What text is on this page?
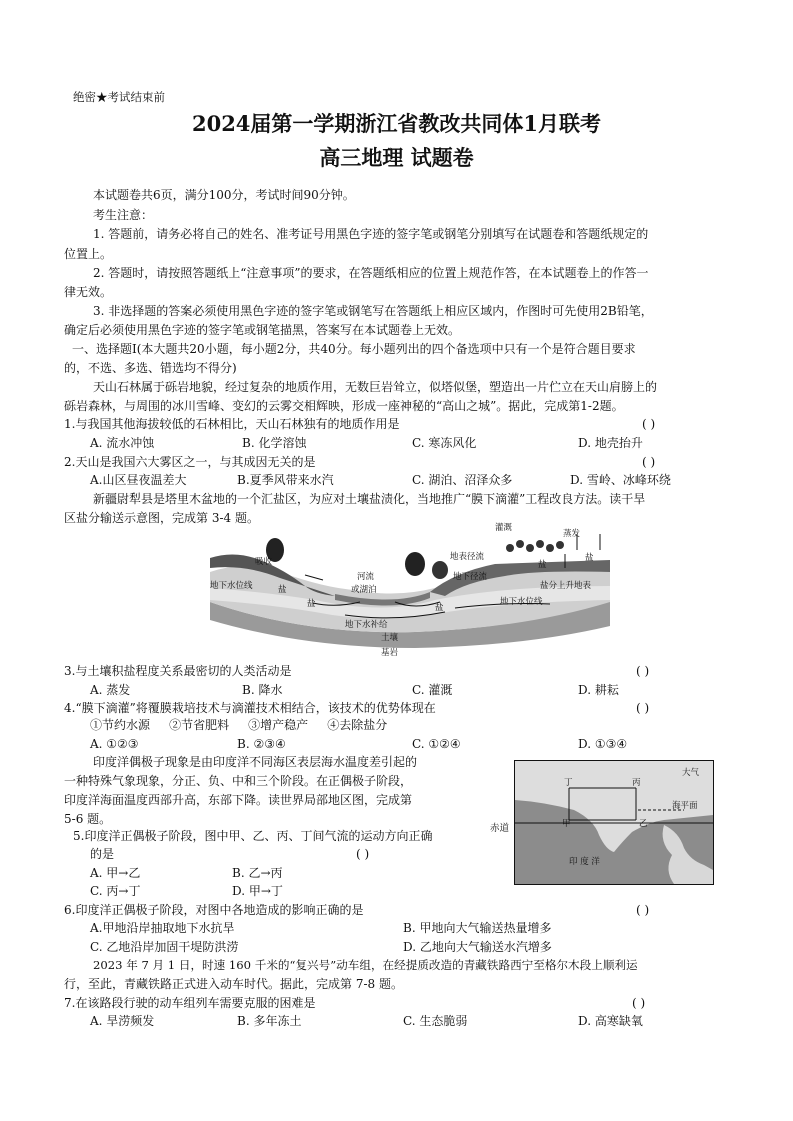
绝密★考试结束前
2024届第一学期浙江省教改共同体1月联考
高三地理 试题卷
本试题卷共6页，满分100分，考试时间90分钟。
考生注意：
1. 答题前，请务必将自己的姓名、准考证号用黑色字迹的签字笔或钢笔分别填写在试题卷和答题纸规定的
位置上。
2. 答题时，请按照答题纸上“注意事项”的要求，在答题纸相应的位置上规范作答，在本试题卷上的作答一
律无效。
3. 非选择题的答案必须使用黑色字迹的签字笔或钢笔写在答题纸上相应区域内，作图时可先使用2B铅笔，
确定后必须使用黑色字迹的签字笔或钢笔描黑，答案写在本试题卷上无效。
一、选择题Ⅰ(本大题共20小题，每小题2分，共40分。每小题列出的四个备选项中只有一个是符合题目要求
的，不选、多选、错选均不得分)
天山石林属于砾岩地貌，经过复杂的地质作用，无数巨岩耸立，似塔似堡，塑造出一片伫立在天山肩膀上的
砾岩森林，与周围的冰川雪峰、变幻的云雾交相辉映，形成一座神秘的“高山之城”。据此，完成第1-2题。
1.与我国其他海拔较低的石林相比，天山石林独有的地质作用是	( )
A. 流水冲蚀	B. 化学溶蚀	C. 寒冻风化	D. 地壳抬升
2.天山是我国六大雾区之一，与其成因无关的是	( )
A.山区昼夜温差大	B.夏季风带来水汽	C. 湖泊、沼泽众多	D. 雪岭、冰峰环绕
新疆尉犁县是塔里木盆地的一个汇盐区，为应对土壤盐渍化，当地推广“膜下滴灌”工程改良方法。读干旱
区盐分输送示意图，完成第 3-4 题。
灌溉
蒸发
吸收	地表径流
地下水位线	盐
河流
或湖泊
地下径流
盐
盐
盐分上升地表
盐	盐
地下水补给
地下水位线
土壤
基岩
3.与土壤积盐程度关系最密切的人类活动是	( )
A. 蒸发	B. 降水	C. 灌溉	D. 耕耘
4.“膜下滴灌”将覆膜栽培技术与滴灌技术相结合，该技术的优势体现在	( )
①节约水源     ②节省肥料     ③增产稳产     ④去除盐分
A. ①②③	B. ②③④	C. ①②④	D. ①③④
印度洋偶极子现象是由印度洋不同海区表层海水温度差引起的
一种特殊气象现象，分正、负、中和三个阶段。在正偶极子阶段，
印度洋海面温度西部升高，东部下降。读世界局部地区图，完成第
5-6 题。
大气
丁	丙
海平面
甲	乙
印 度 洋
赤道
5.印度洋正偶极子阶段，图中甲、乙、丙、丁间气流的运动方向正确
的是	( )
A. 甲→乙	B. 乙→丙
C. 丙→丁	D. 甲→丁
6.印度洋正偶极子阶段，对图中各地造成的影响正确的是	( )
A.甲地沿岸抽取地下水抗旱	B. 甲地向大气输送热量增多
C. 乙地沿岸加固干堤防洪涝	D. 乙地向大气输送水汽增多
2023 年 7 月 1 日，时速 160 千米的“复兴号”动车组，在经提质改造的青藏铁路西宁至格尔木段上顺利运
行，至此，青藏铁路正式进入动车时代。据此，完成第 7-8 题。
7.在该路段行驶的动车组列车需要克服的困难是	( )
A. 旱涝频发	B. 多年冻土	C. 生态脆弱	D. 高寒缺氧
